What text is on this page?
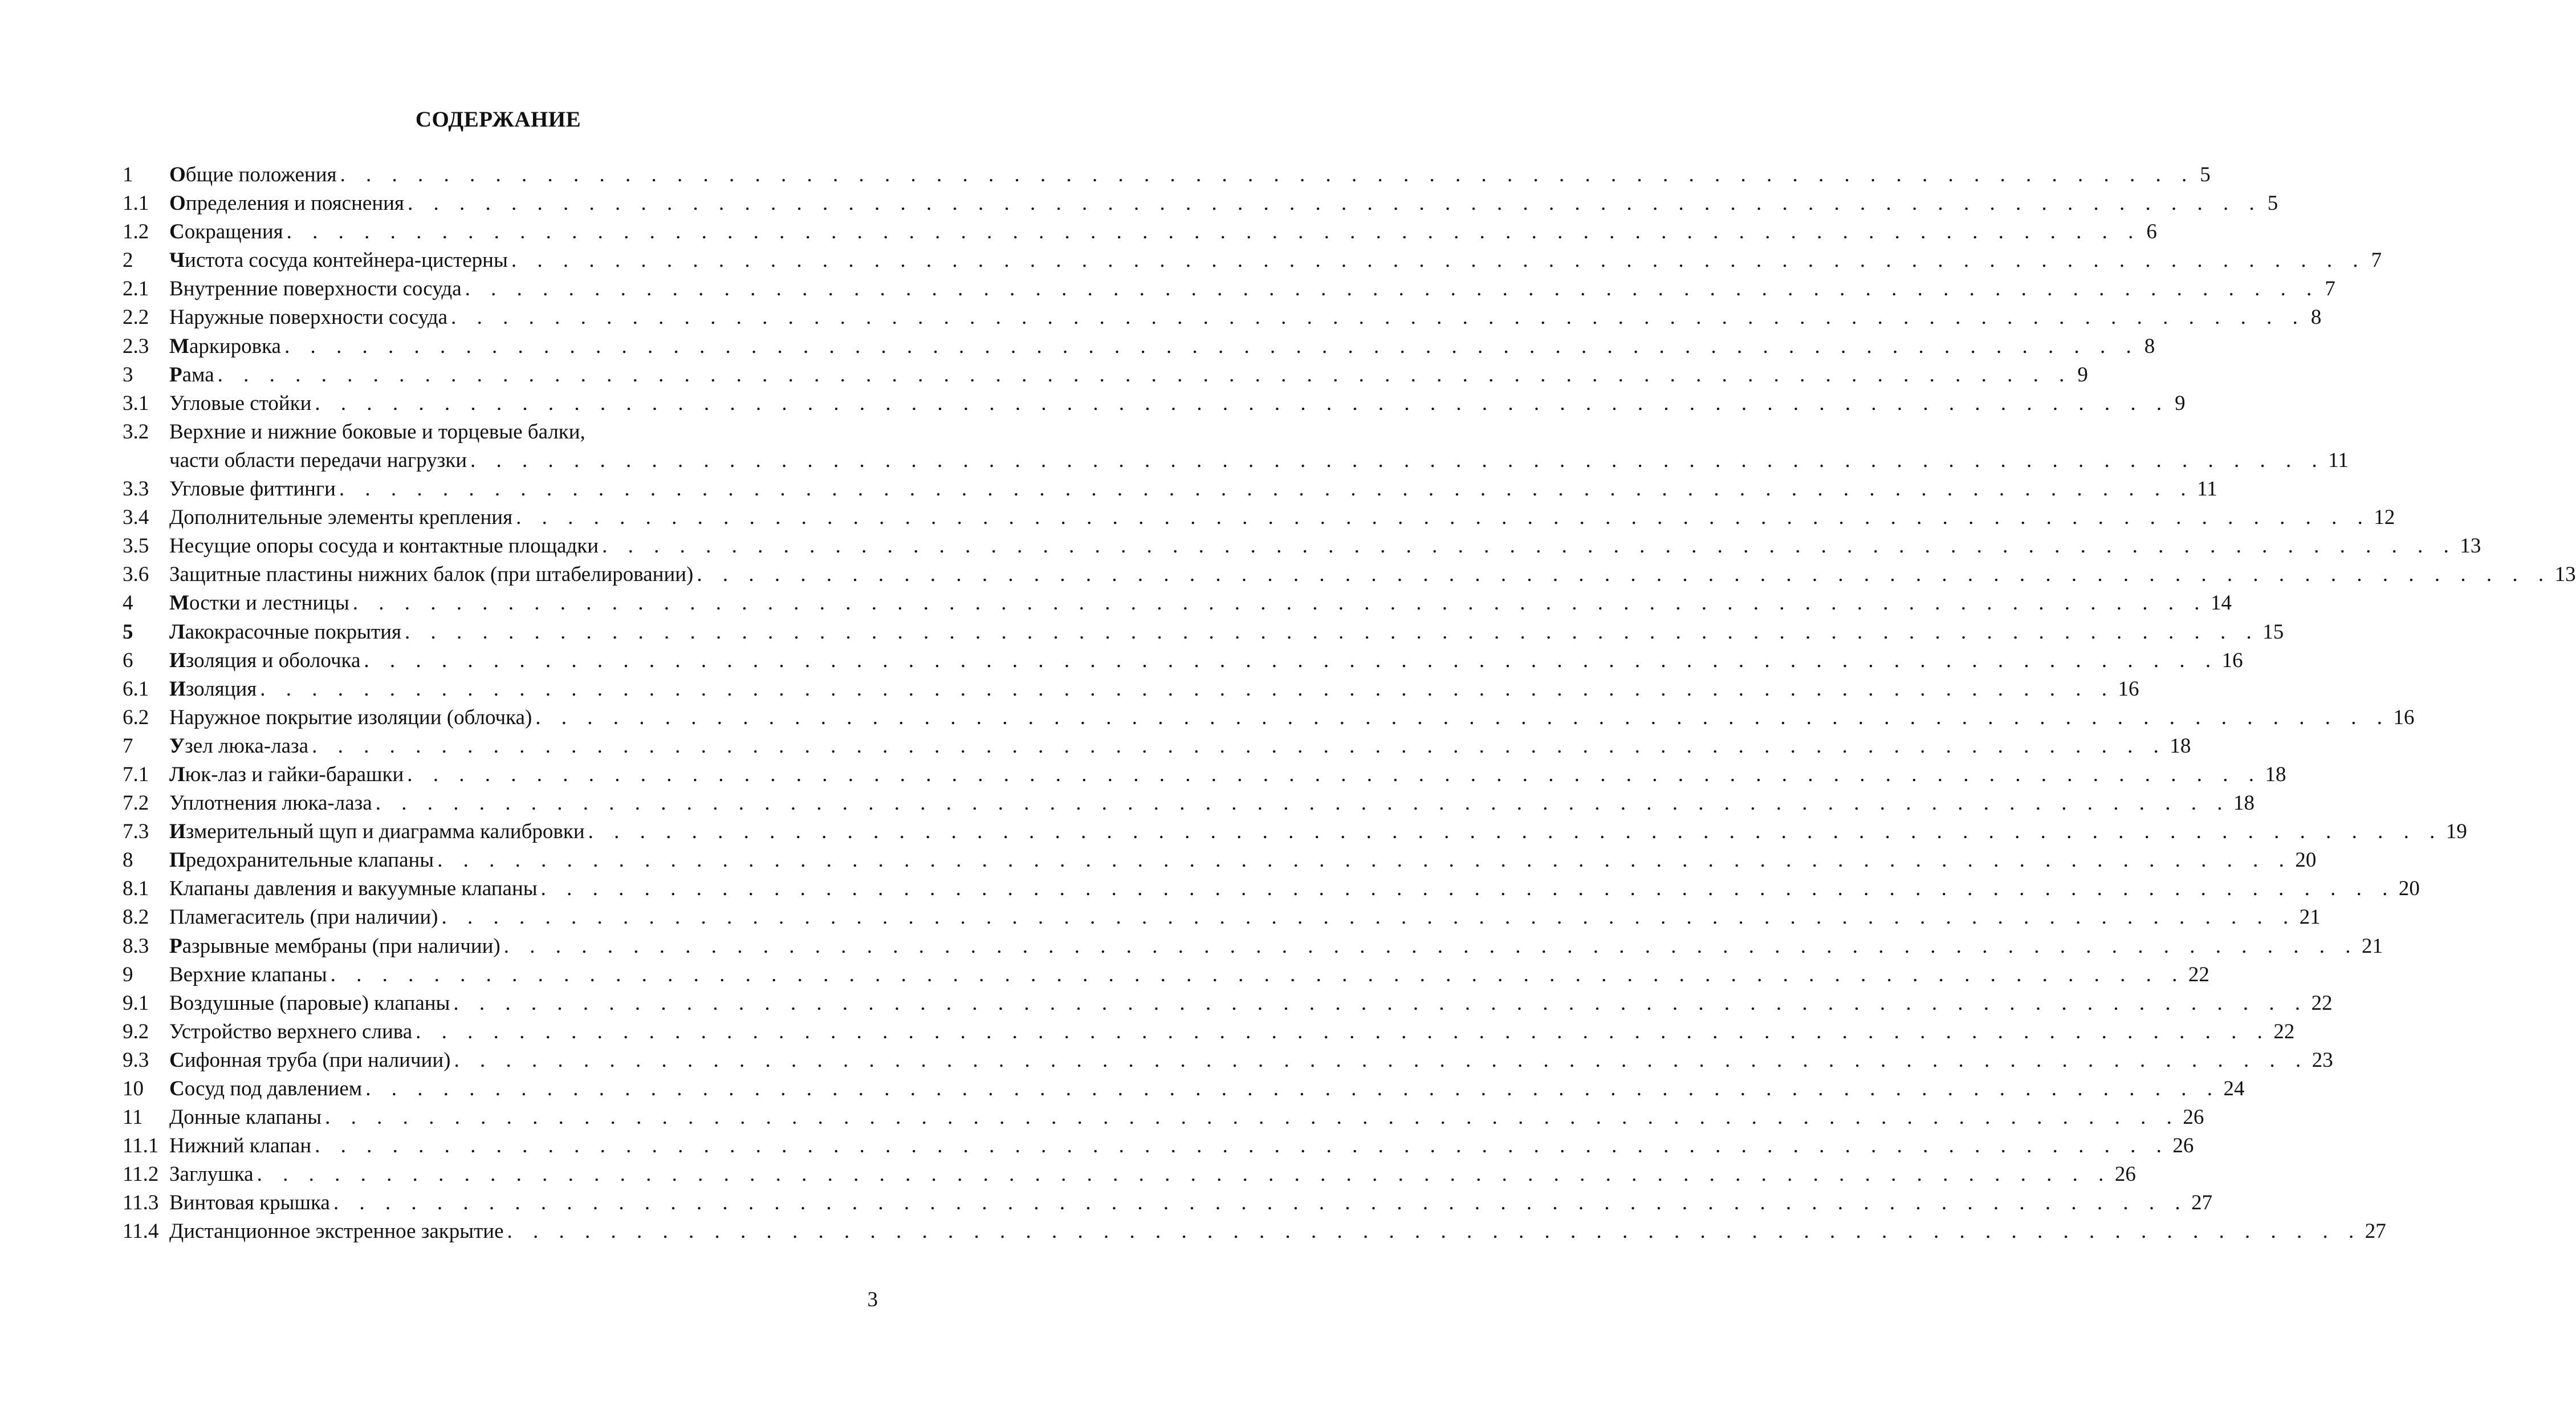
СОДЕРЖАНИЕ
1	Общие положения . . . . . . . . . . . . . . . . . . . . . . . . . . . . . . . . . . . . . . . . . . . . . . . . . . . . . . . . . . . . . . . . . . . . . . . . 5
1.1 Определения и пояснения . . . . . . . . . . . . . . . . . . . . . . . . . . . . . . . . . . . . . . . . . . . . . . . . . . . . . . . . . . . . . . . . . . . . . . . . 5
1.2 Сокращения . . . . . . . . . . . . . . . . . . . . . . . . . . . . . . . . . . . . . . . . . . . . . . . . . . . . . . . . . . . . . . . . . . . . . . . . 6
2	Чистота сосуда контейнера-цистерны . . . . . . . . . . . . . . . . . . . . . . . . . . . . . . . . . . . . . . . . . . . . . . . . . . . . . . . . . . . . . . . . . . . . . . . . 7
2.1 Внутренние поверхности сосуда . . . . . . . . . . . . . . . . . . . . . . . . . . . . . . . . . . . . . . . . . . . . . . . . . . . . . . . . . . . . . . . . . . . . . . . . 7
2.2 Наружные поверхности сосуда . . . . . . . . . . . . . . . . . . . . . . . . . . . . . . . . . . . . . . . . . . . . . . . . . . . . . . . . . . . . . . . . . . . . . . . . 8
2.3 Маркировка . . . . . . . . . . . . . . . . . . . . . . . . . . . . . . . . . . . . . . . . . . . . . . . . . . . . . . . . . . . . . . . . . . . . . . . . 8
3	Рама . . . . . . . . . . . . . . . . . . . . . . . . . . . . . . . . . . . . . . . . . . . . . . . . . . . . . . . . . . . . . . . . . . . . . . . . 9
3.1 Угловые стойки . . . . . . . . . . . . . . . . . . . . . . . . . . . . . . . . . . . . . . . . . . . . . . . . . . . . . . . . . . . . . . . . . . . . . . . . 9
3.2 Верхние и нижние боковые и торцевые балки,
части области передачи нагрузки . . . . . . . . . . . . . . . . . . . . . . . . . . . . . . . . . . . . . . . . . . . . . . . . . . . . . . . . . . . . . . . . . . . . . . . . 11
3.3 Угловые фиттинги . . . . . . . . . . . . . . . . . . . . . . . . . . . . . . . . . . . . . . . . . . . . . . . . . . . . . . . . . . . . . . . . . . . . . . . . 11
3.4 Дополнительные элементы крепления . . . . . . . . . . . . . . . . . . . . . . . . . . . . . . . . . . . . . . . . . . . . . . . . . . . . . . . . . . . . . . . . . . . . . . . . 12
3.5 Несущие опоры сосуда и контактные площадки . . . . . . . . . . . . . . . . . . . . . . . . . . . . . . . . . . . . . . . . . . . . . . . . . . . . . . . . . . . . . . . . . . . . . . . . 13
3.6 Защитные пластины нижних балок (при штабелировании) . . . . . . . . . . . . . . . . . . . . . . . . . . . . . . . . . . . . . . . . . . . . . . . . . . . . . . . . . . . . . . . . . . . . . . . . 13
4	Мостки и лестницы . . . . . . . . . . . . . . . . . . . . . . . . . . . . . . . . . . . . . . . . . . . . . . . . . . . . . . . . . . . . . . . . . . . . . . . . 14
5	Лакокрасочные покрытия . . . . . . . . . . . . . . . . . . . . . . . . . . . . . . . . . . . . . . . . . . . . . . . . . . . . . . . . . . . . . . . . . . . . . . . . 15
6	Изоляция и оболочка . . . . . . . . . . . . . . . . . . . . . . . . . . . . . . . . . . . . . . . . . . . . . . . . . . . . . . . . . . . . . . . . . . . . . . . . 16
6.1 Изоляция . . . . . . . . . . . . . . . . . . . . . . . . . . . . . . . . . . . . . . . . . . . . . . . . . . . . . . . . . . . . . . . . . . . . . . . . 16
6.2 Наружное покрытие изоляции (облочка) . . . . . . . . . . . . . . . . . . . . . . . . . . . . . . . . . . . . . . . . . . . . . . . . . . . . . . . . . . . . . . . . . . . . . . . . 16
7	Узел люка-лаза . . . . . . . . . . . . . . . . . . . . . . . . . . . . . . . . . . . . . . . . . . . . . . . . . . . . . . . . . . . . . . . . . . . . . . . . 18
7.1 Люк-лаз и гайки-барашки . . . . . . . . . . . . . . . . . . . . . . . . . . . . . . . . . . . . . . . . . . . . . . . . . . . . . . . . . . . . . . . . . . . . . . . . 18
7.2 Уплотнения люка-лаза . . . . . . . . . . . . . . . . . . . . . . . . . . . . . . . . . . . . . . . . . . . . . . . . . . . . . . . . . . . . . . . . . . . . . . . . 18
7.3 Измерительный щуп и диаграмма калибровки . . . . . . . . . . . . . . . . . . . . . . . . . . . . . . . . . . . . . . . . . . . . . . . . . . . . . . . . . . . . . . . . . . . . . . . . 19
8	Предохранительные клапаны . . . . . . . . . . . . . . . . . . . . . . . . . . . . . . . . . . . . . . . . . . . . . . . . . . . . . . . . . . . . . . . . . . . . . . . . 20
8.1 Клапаны давления и вакуумные клапаны . . . . . . . . . . . . . . . . . . . . . . . . . . . . . . . . . . . . . . . . . . . . . . . . . . . . . . . . . . . . . . . . . . . . . . . . 20
8.2 Пламегаситель (при наличии) . . . . . . . . . . . . . . . . . . . . . . . . . . . . . . . . . . . . . . . . . . . . . . . . . . . . . . . . . . . . . . . . . . . . . . . . 21
8.3 Разрывные мембраны (при наличии) . . . . . . . . . . . . . . . . . . . . . . . . . . . . . . . . . . . . . . . . . . . . . . . . . . . . . . . . . . . . . . . . . . . . . . . . 21
9	Верхние клапаны . . . . . . . . . . . . . . . . . . . . . . . . . . . . . . . . . . . . . . . . . . . . . . . . . . . . . . . . . . . . . . . . . . . . . . . . 22
9.1 Воздушные (паровые) клапаны . . . . . . . . . . . . . . . . . . . . . . . . . . . . . . . . . . . . . . . . . . . . . . . . . . . . . . . . . . . . . . . . . . . . . . . . 22
9.2 Устройство верхнего слива . . . . . . . . . . . . . . . . . . . . . . . . . . . . . . . . . . . . . . . . . . . . . . . . . . . . . . . . . . . . . . . . . . . . . . . . 22
9.3 Сифонная труба (при наличии) . . . . . . . . . . . . . . . . . . . . . . . . . . . . . . . . . . . . . . . . . . . . . . . . . . . . . . . . . . . . . . . . . . . . . . . . 23
10	Сосуд под давлением . . . . . . . . . . . . . . . . . . . . . . . . . . . . . . . . . . . . . . . . . . . . . . . . . . . . . . . . . . . . . . . . . . . . . . . . 24
11	Донные клапаны . . . . . . . . . . . . . . . . . . . . . . . . . . . . . . . . . . . . . . . . . . . . . . . . . . . . . . . . . . . . . . . . . . . . . . . . 26
11.1 Нижний клапан . . . . . . . . . . . . . . . . . . . . . . . . . . . . . . . . . . . . . . . . . . . . . . . . . . . . . . . . . . . . . . . . . . . . . . . . 26
11.2 Заглушка . . . . . . . . . . . . . . . . . . . . . . . . . . . . . . . . . . . . . . . . . . . . . . . . . . . . . . . . . . . . . . . . . . . . . . . . 26
11.3 Винтовая крышка . . . . . . . . . . . . . . . . . . . . . . . . . . . . . . . . . . . . . . . . . . . . . . . . . . . . . . . . . . . . . . . . . . . . . . . . 27
11.4 Дистанционное экстренное закрытие . . . . . . . . . . . . . . . . . . . . . . . . . . . . . . . . . . . . . . . . . . . . . . . . . . . . . . . . . . . . . . . . . . . . . . . . 27
3
